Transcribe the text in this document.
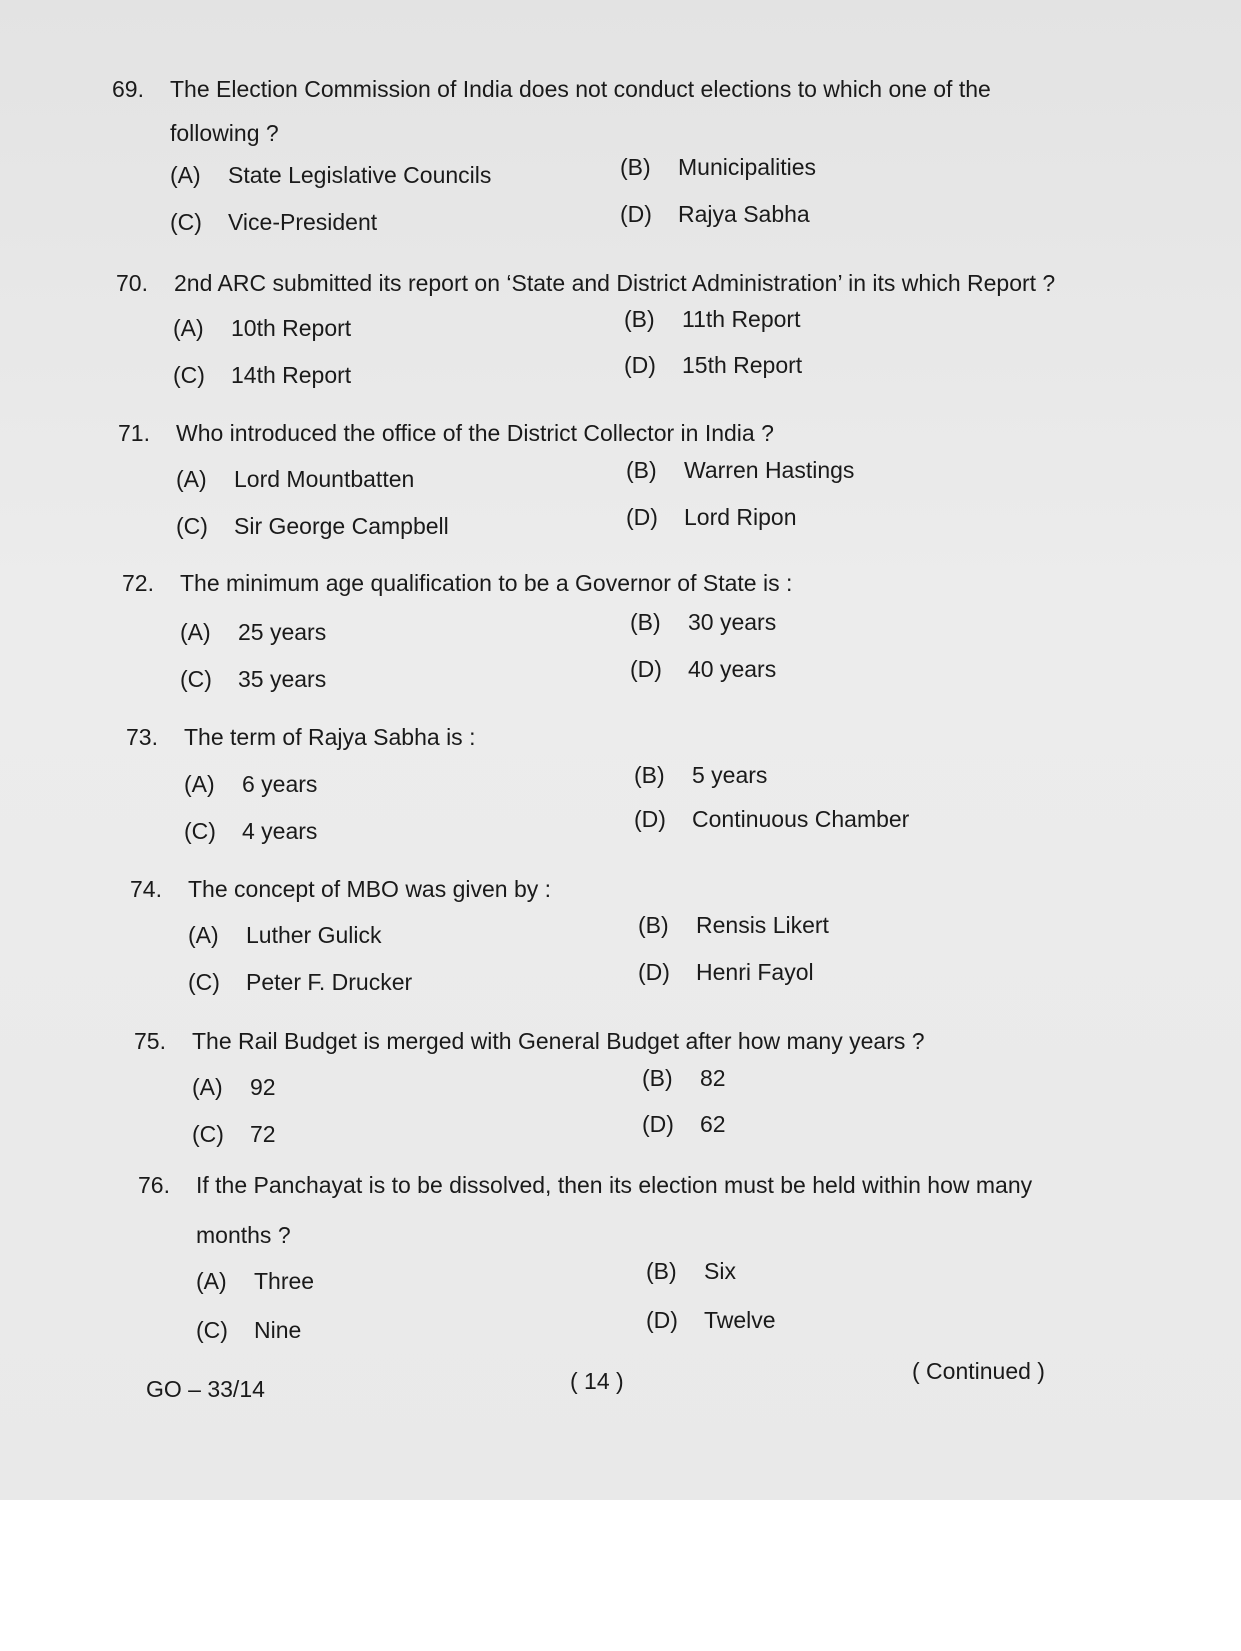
69. The Election Commission of India does not conduct elections to which one of the
following ?
(A) State Legislative Councils	(B) Municipalities
(C) Vice-President	(D) Rajya Sabha
70. 2nd ARC submitted its report on ‘State and District Administration’ in its which Report ?
(A) 10th Report	(B) 11th Report
(C) 14th Report	(D) 15th Report
71. Who introduced the office of the District Collector in India ?
(A) Lord Mountbatten	(B) Warren Hastings
(C) Sir George Campbell	(D) Lord Ripon
72. The minimum age qualification to be a Governor of State is :
(A) 25 years	(B) 30 years
(C) 35 years	(D) 40 years
73. The term of Rajya Sabha is :
(A) 6 years	(B) 5 years
(C) 4 years	(D) Continuous Chamber
74. The concept of MBO was given by :
(A) Luther Gulick	(B) Rensis Likert
(C) Peter F. Drucker	(D) Henri Fayol
75. The Rail Budget is merged with General Budget after how many years ?
(A) 92	(B) 82
(C) 72	(D) 62
76. If the Panchayat is to be dissolved, then its election must be held within how many
months ?
(A) Three	(B) Six
(C) Nine	(D) Twelve
GO – 33/14	( 14 )	( Continued )
